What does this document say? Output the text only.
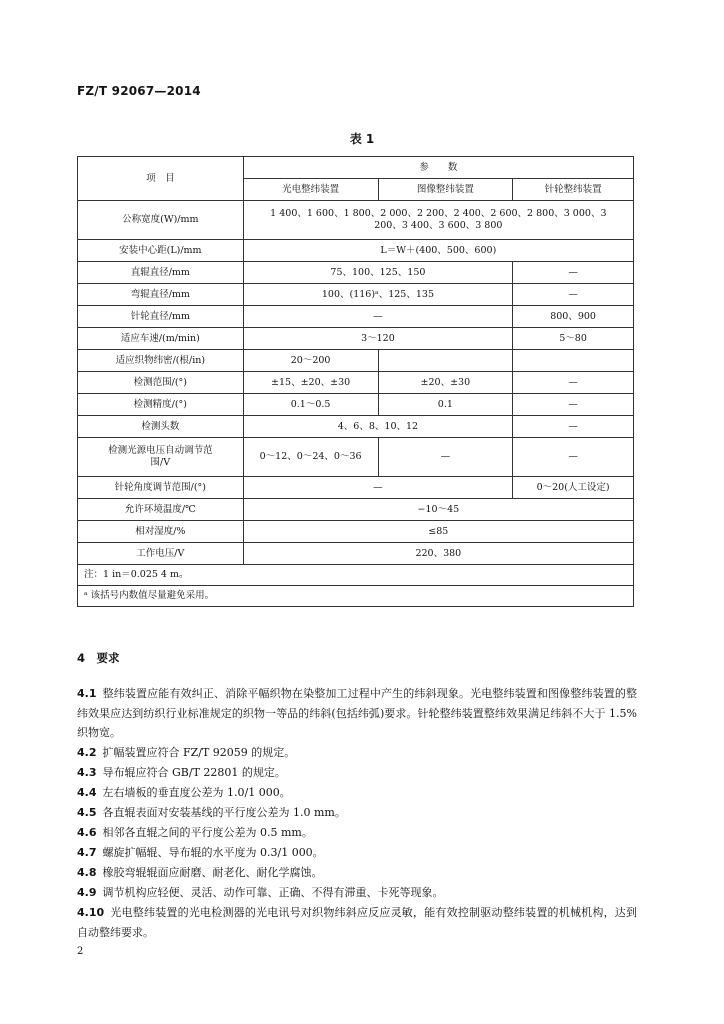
FZ/T 92067—2014
表 1
项　目	参　　数		
	光电整纬装置	图像整纬装置	针轮整纬装置
公称宽度(W)/mm	1 400、1 600、1 800、2 000、2 200、2 400、2 600、2 800、3 000、3 200、3 400、3 600、3 800		
安装中心距(L)/mm	L＝W＋(400、500、600)		
直辊直径/mm	75、100、125、150		—
弯辊直径/mm	100、(116)ᵃ、125、135		—
针轮直径/mm	—		800、900
适应车速/(m/min)	3～120		5～80
适应织物纬密/(根/in)	20～200		
检测范围/(°)	±15、±20、±30	±20、±30	—
检测精度/(°)	0.1～0.5	0.1	—
检测头数	4、6、8、10、12		—
检测光源电压自动调节范围/V	0～12、0～24、0～36	—	—
针轮角度调节范围/(°)	—		0～20(人工设定)
允许环境温度/℃	−10～45		
相对湿度/%	≤85		
工作电压/V	220、380		
注：1 in＝0.025 4 m。			
ᵃ 该括号内数值尽量避免采用。			
4　要求
4.1 整纬装置应能有效纠正、消除平幅织物在染整加工过程中产生的纬斜现象。光电整纬装置和图像整纬装置的整纬效果应达到纺织行业标准规定的织物一等品的纬斜(包括纬弧)要求。针轮整纬装置整纬效果满足纬斜不大于 1.5%织物宽。
4.2 扩幅装置应符合 FZ/T 92059 的规定。
4.3 导布辊应符合 GB/T 22801 的规定。
4.4 左右墙板的垂直度公差为 1.0/1 000。
4.5 各直辊表面对安装基线的平行度公差为 1.0 mm。
4.6 相邻各直辊之间的平行度公差为 0.5 mm。
4.7 螺旋扩幅辊、导布辊的水平度为 0.3/1 000。
4.8 橡胶弯辊辊面应耐磨、耐老化、耐化学腐蚀。
4.9 调节机构应轻便、灵活、动作可靠、正确、不得有滞重、卡死等现象。
4.10 光电整纬装置的光电检测器的光电讯号对织物纬斜应反应灵敏，能有效控制驱动整纬装置的机械机构，达到自动整纬要求。
2
